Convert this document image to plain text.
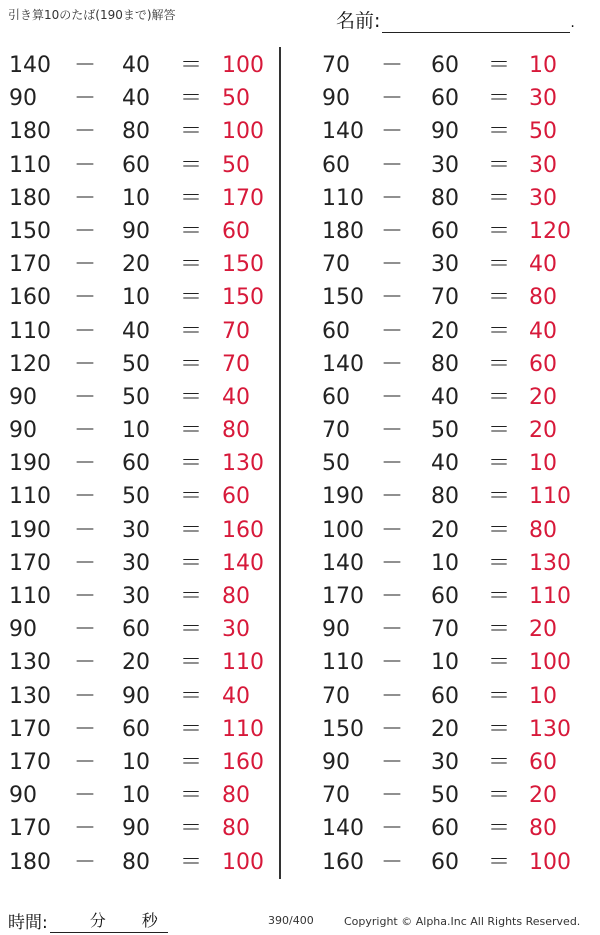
引き算10のたば(190まで)解答	名前:	.
140 － 40 ＝ 100
90 － 40 ＝ 50
180 － 80 ＝ 100
110 － 60 ＝ 50
180 － 10 ＝ 170
150 － 90 ＝ 60
170 － 20 ＝ 150
160 － 10 ＝ 150
110 － 40 ＝ 70
120 － 50 ＝ 70
90 － 50 ＝ 40
90 － 10 ＝ 80
190 － 60 ＝ 130
110 － 50 ＝ 60
190 － 30 ＝ 160
170 － 30 ＝ 140
110 － 30 ＝ 80
90 － 60 ＝ 30
130 － 20 ＝ 110
130 － 90 ＝ 40
170 － 60 ＝ 110
170 － 10 ＝ 160
90 － 10 ＝ 80
170 － 90 ＝ 80
180 － 80 ＝ 100
70 － 60 ＝ 10
90 － 60 ＝ 30
140 － 90 ＝ 50
60 － 30 ＝ 30
110 － 80 ＝ 30
180 － 60 ＝ 120
70 － 30 ＝ 40
150 － 70 ＝ 80
60 － 20 ＝ 40
140 － 80 ＝ 60
60 － 40 ＝ 20
70 － 50 ＝ 20
50 － 40 ＝ 10
190 － 80 ＝ 110
100 － 20 ＝ 80
140 － 10 ＝ 130
170 － 60 ＝ 110
90 － 70 ＝ 20
110 － 10 ＝ 100
70 － 60 ＝ 10
150 － 20 ＝ 130
90 － 30 ＝ 60
70 － 50 ＝ 20
140 － 60 ＝ 80
160 － 60 ＝ 100
時間:	分 秒	390/400	Copyright © Alpha.Inc All Rights Reserved.
